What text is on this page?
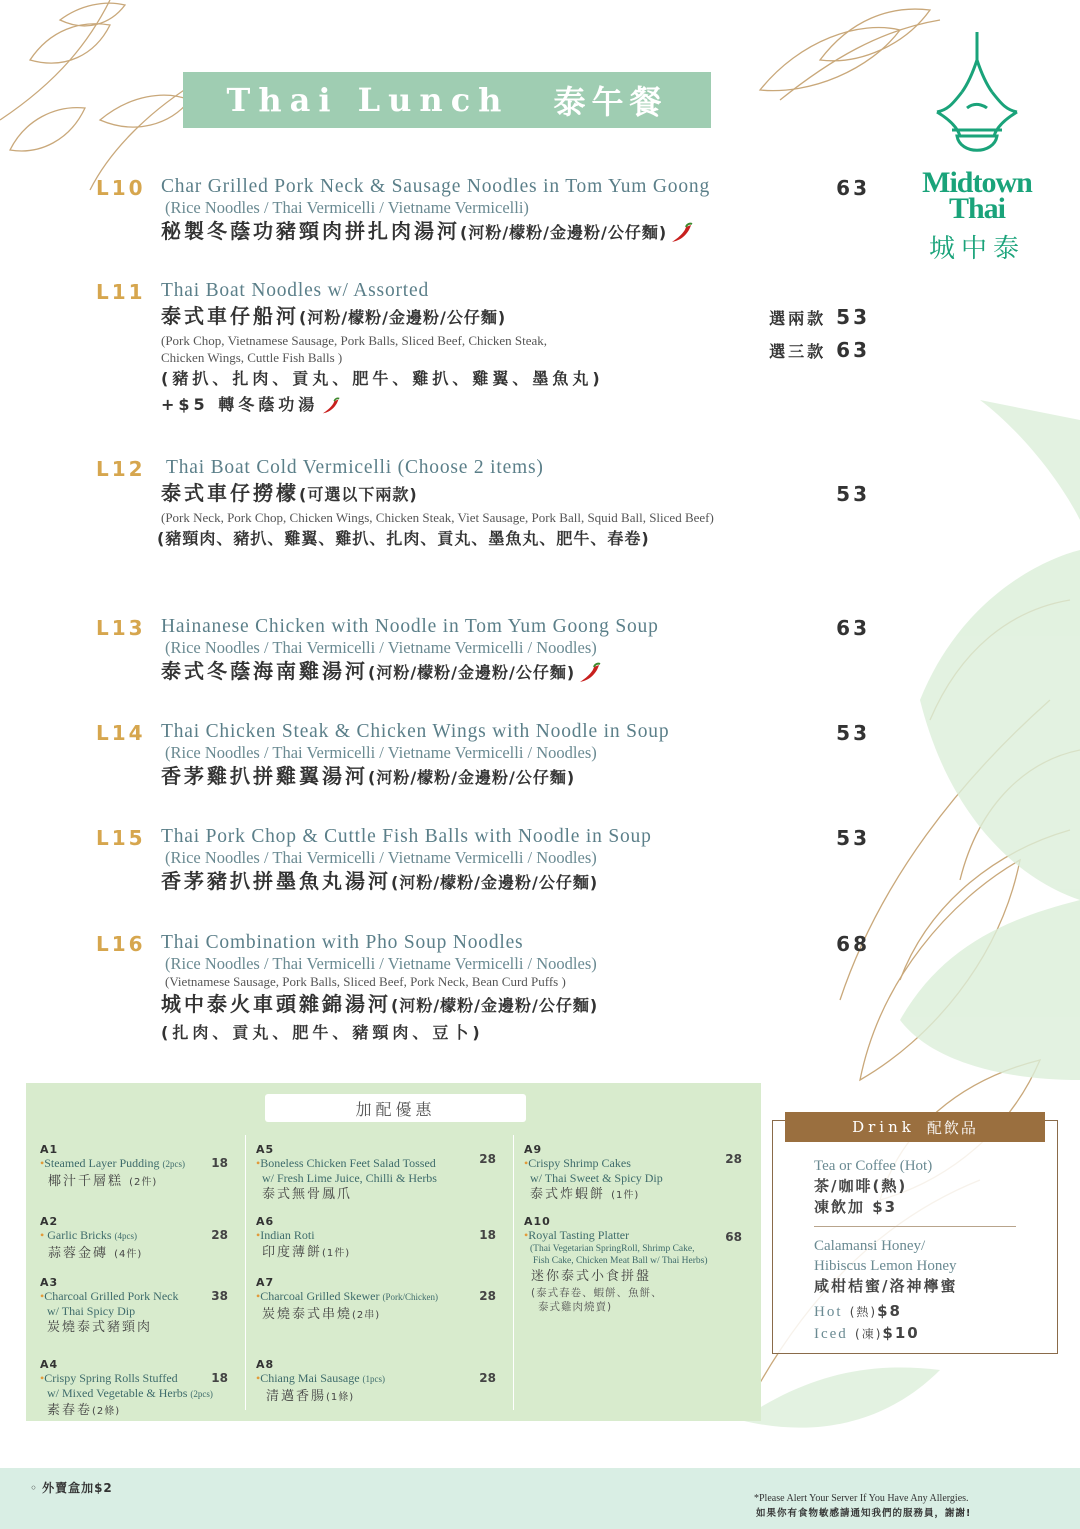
Thai Lunch 泰午餐
Midtown
Thai
城中泰
L10 Char Grilled Pork Neck & Sausage Noodles in Tom Yum Goong
(Rice Noodles / Thai Vermicelli / Vietname Vermicelli)
秘製冬蔭功豬頸肉拼扎肉湯河(河粉/檬粉/金邊粉/公仔麵)
63
L11 Thai Boat Noodles w/ Assorted
泰式車仔船河(河粉/檬粉/金邊粉/公仔麵)
(Pork Chop, Vietnamese Sausage, Pork Balls, Sliced Beef, Chicken Steak,
Chicken Wings, Cuttle Fish Balls )
(豬扒、扎肉、貢丸、肥牛、雞扒、雞翼、墨魚丸)
+$5 轉冬蔭功湯
選兩款 53
選三款 63
L12 Thai Boat Cold Vermicelli (Choose 2 items)
泰式車仔撈檬(可選以下兩款)
(Pork Neck, Pork Chop, Chicken Wings, Chicken Steak, Viet Sausage, Pork Ball, Squid Ball, Sliced Beef)
(豬頸肉、豬扒、雞翼、雞扒、扎肉、貢丸、墨魚丸、肥牛、春卷)
53
L13 Hainanese Chicken with Noodle in Tom Yum Goong Soup
(Rice Noodles / Thai Vermicelli / Vietname Vermicelli / Noodles)
泰式冬蔭海南雞湯河(河粉/檬粉/金邊粉/公仔麵)
63
L14 Thai Chicken Steak & Chicken Wings with Noodle in Soup
(Rice Noodles / Thai Vermicelli / Vietname Vermicelli / Noodles)
香茅雞扒拼雞翼湯河(河粉/檬粉/金邊粉/公仔麵)
53
L15 Thai Pork Chop & Cuttle Fish Balls with Noodle in Soup
(Rice Noodles / Thai Vermicelli / Vietname Vermicelli / Noodles)
香茅豬扒拼墨魚丸湯河(河粉/檬粉/金邊粉/公仔麵)
53
L16 Thai Combination with Pho Soup Noodles
(Rice Noodles / Thai Vermicelli / Vietname Vermicelli / Noodles)
(Vietnamese Sausage, Pork Balls, Sliced Beef, Pork Neck, Bean Curd Puffs )
城中泰火車頭雜錦湯河(河粉/檬粉/金邊粉/公仔麵)
(扎肉、貢丸、肥牛、豬頸肉、豆卜)
68
加配優惠
A1
•Steamed Layer Pudding (2pcs)
椰汁千層糕 (2件)
18
A2
• Garlic Bricks (4pcs)
蒜蓉金磚 (4件)
28
A3
•Charcoal Grilled Pork Neck
w/ Thai Spicy Dip
炭燒泰式豬頸肉
38
A4
•Crispy Spring Rolls Stuffed
w/ Mixed Vegetable & Herbs (2pcs)
素春卷(2條)
18
A5
•Boneless Chicken Feet Salad Tossed
w/ Fresh Lime Juice, Chilli & Herbs
泰式無骨鳳爪
28
A6
•Indian Roti
印度薄餅(1件)
18
A7
•Charcoal Grilled Skewer (Pork/Chicken)
炭燒泰式串燒(2串)
28
A8
•Chiang Mai Sausage (1pcs)
清邁香腸(1條)
28
A9
•Crispy Shrimp Cakes
w/ Thai Sweet & Spicy Dip
泰式炸蝦餅 (1件)
28
A10
•Royal Tasting Platter
(Thai Vegetarian SpringRoll, Shrimp Cake,
Fish Cake, Chicken Meat Ball w/ Thai Herbs)
迷你泰式小食拼盤
(泰式春卷、蝦餅、魚餅、
泰式雞肉燒賣)
68
Drink 配飲品
Tea or Coffee (Hot)
茶/咖啡(熱)
凍飲加 $3
Calamansi Honey/
Hibiscus Lemon Honey
咸柑桔蜜/洛神檸蜜
Hot (熱)$8
Iced (凍)$10
◦ 外賣盒加$2
*Please Alert Your Server If You Have Any Allergies.
如果你有食物敏感請通知我們的服務員，謝謝!
